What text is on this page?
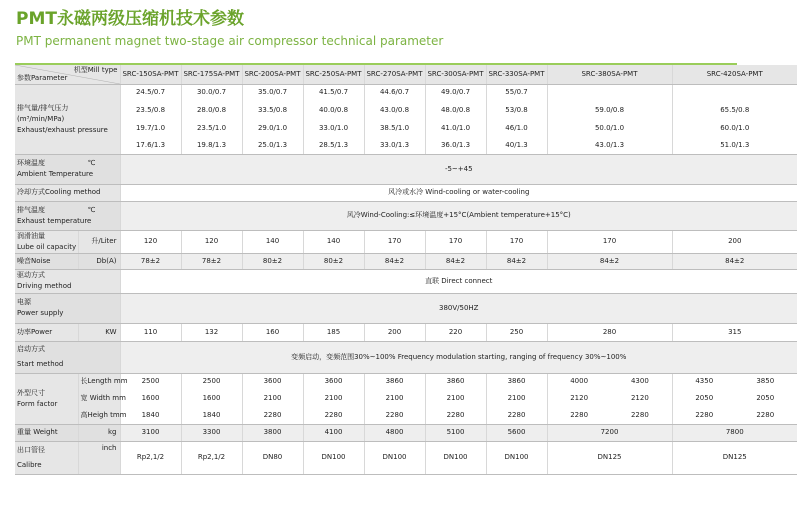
PMT永磁两级压缩机技术参数
PMT permanent magnet two-stage air compressor technical parameter
机型Mill type
参数Parameter		SRC-150SA-PMT	SRC-175SA-PMT	SRC-200SA-PMT	SRC-250SA-PMT	SRC-270SA-PMT	SRC-300SA-PMT	SRC-330SA-PMT	SRC-380SA-PMT	SRC-420SA-PMT

排气量/排气压力
(m³/min/MPa)
Exhaust/exhaust pressure		24.5/0.7	30.0/0.7	35.0/0.7	41.5/0.7	44.6/0.7	49.0/0.7	55/0.7		
		23.5/0.8	28.0/0.8	33.5/0.8	40.0/0.8	43.0/0.8	48.0/0.8	53/0.8	59.0/0.8	65.5/0.8
		19.7/1.0	23.5/1.0	29.0/1.0	33.0/1.0	38.5/1.0	41.0/1.0	46/1.0	50.0/1.0	60.0/1.0
		17.6/1.3	19.8/1.3	25.0/1.3	28.5/1.3	33.0/1.3	36.0/1.3	40/1.3	43.0/1.3	51.0/1.3

环境温度 ℃
Ambient Temperature		-5~+45								
冷却方式Cooling method		风冷或水冷 Wind-cooling or water-cooling								

排气温度 ℃
Exhaust temperature		风冷Wind-Cooling:≤环境温度+15°C(Ambient temperature+15°C)								

润滑油量
Lube oil capacity	升/Liter	120	120	140	140	170	170	170	170	200
噪音Noise	Db(A)	78±2	78±2	80±2	80±2	84±2	84±2	84±2	84±2	84±2

驱动方式
Driving method		直联 Direct connect								

电源
Power supply		380V/50HZ								
功率Power	KW	110	132	160	185	200	220	250	280	315

启动方式
Start method		变频启动，变频范围30%~100% Frequency modulation starting, ranging of frequency 30%~100%								

外型尺寸
Form factor	长Length mm	2500	2500	3600	3600	3860	3860	3860	4000 4300	4350 3850
	宽 Width mm	1600	1600	2100	2100	2100	2100	2100	2120 2120	2050 2050
	高Heigh tmm	1840	1840	2280	2280	2280	2280	2280	2280 2280	2280 2280
重量 Weight	kg	3100	3300	3800	4100	4800	5100	5600	7200	7800

出口管径
Calibre	inch	Rp2,1/2	Rp2,1/2	DN80	DN100	DN100	DN100	DN100	DN125	DN125
